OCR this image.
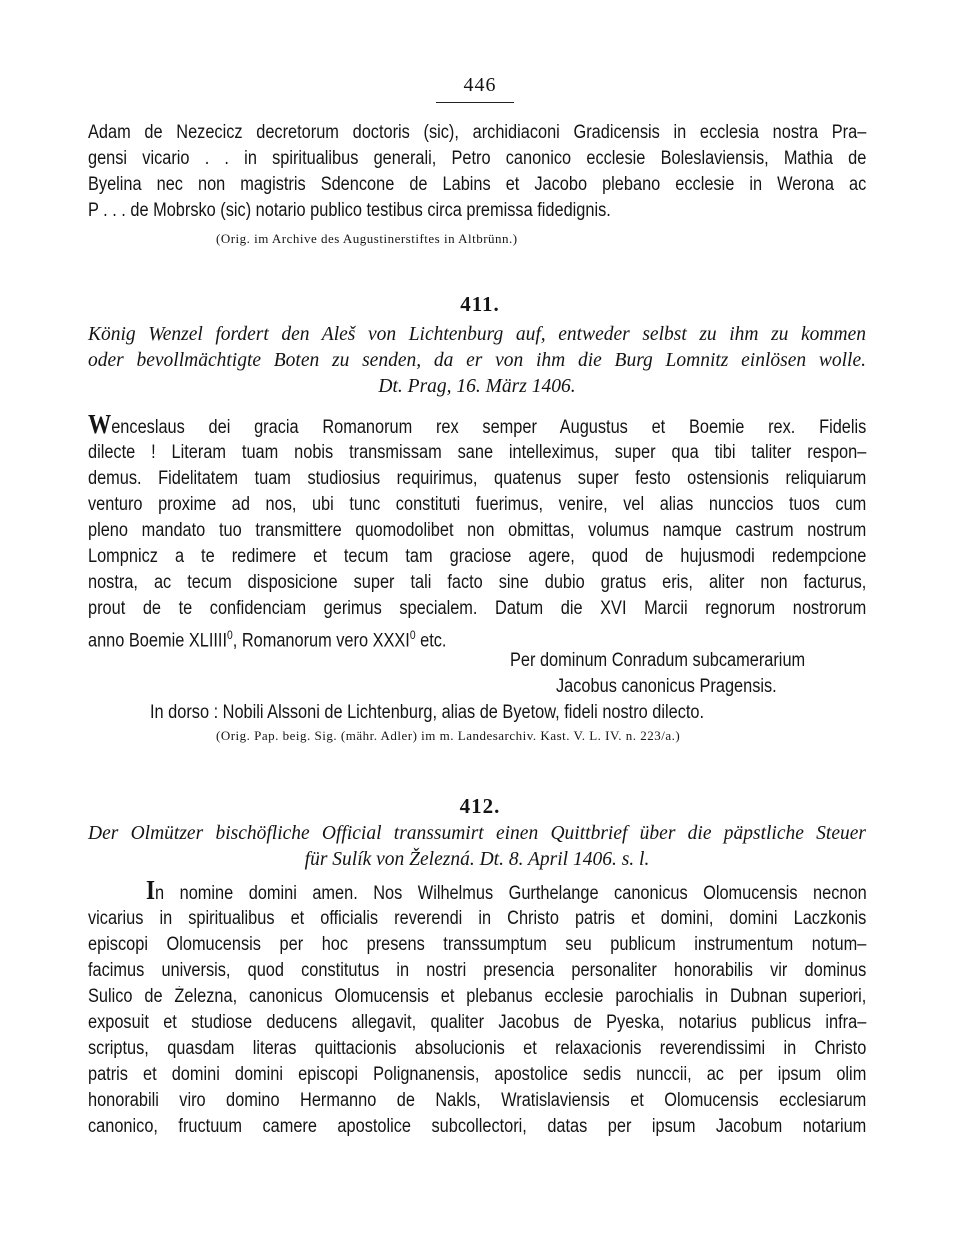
446
Adam de Nezecicz decretorum doctoris (sic), archidiaconi Gradicensis in ecclesia nostra Pra–
gensi vicario . . in spiritualibus generali, Petro canonico ecclesie Boleslaviensis, Mathia de
Byelina nec non magistris Sdencone de Labins et Jacobo plebano ecclesie in Werona ac
P . . . de Mobrsko (sic) notario publico testibus circa premissa fidedignis.
(Orig. im Archive des Augustinerstiftes in Altbrünn.)
411.
König Wenzel fordert den Aleš von Lichtenburg auf, entweder selbst zu ihm zu kommen
oder bevollmächtigte Boten zu senden, da er von ihm die Burg Lomnitz einlösen wolle.
Dt. Prag, 16. März 1406.
Wenceslaus dei gracia Romanorum rex semper Augustus et Boemie rex. Fidelis
dilecte ! Literam tuam nobis transmissam sane intelleximus, super qua tibi taliter respon–
demus. Fidelitatem tuam studiosius requirimus, quatenus super festo ostensionis reliquiarum
venturo proxime ad nos, ubi tunc constituti fuerimus, venire, vel alias nunccios tuos cum
pleno mandato tuo transmittere quomodolibet non obmittas, volumus namque castrum nostrum
Lompnicz a te redimere et tecum tam graciose agere, quod de hujusmodi redempcione
nostra, ac tecum disposicione super tali facto sine dubio gratus eris, aliter non facturus,
prout de te confidenciam gerimus specialem. Datum die XVI Marcii regnorum nostrorum
anno Boemie XLIIII$^0$, Romanorum vero XXXI$^0$ etc.
Per dominum Conradum subcamerarium
Jacobus canonicus Pragensis.
In dorso : Nobili Alssoni de Lichtenburg, alias de Byetow, fideli nostro dilecto.
(Orig. Pap. beig. Sig. (mähr. Adler) im m. Landesarchiv. Kast. V. L. IV. n. 223/a.)
412.
Der Olmützer bischöfliche Official transsumirt einen Quittbrief über die päpstliche Steuer
für Sulík von Železná. Dt. 8. April 1406. s. l.
In nomine domini amen. Nos Wilhelmus Gurthelange canonicus Olomucensis necnon
vicarius in spiritualibus et officialis reverendi in Christo patris et domini, domini Laczkonis
episcopi Olomucensis per hoc presens transsumptum seu publicum instrumentum notum–
facimus universis, quod constitutus in nostri presencia personaliter honorabilis vir dominus
Sulico de Żelezna, canonicus Olomucensis et plebanus ecclesie parochialis in Dubnan superiori,
exposuit et studiose deducens allegavit, qualiter Jacobus de Pyeska, notarius publicus infra–
scriptus, quasdam literas quittacionis absolucionis et relaxacionis reverendissimi in Christo
patris et domini domini episcopi Polignanensis, apostolice sedis nunccii, ac per ipsum olim
honorabili viro domino Hermanno de Nakls, Wratislaviensis et Olomucensis ecclesiarum
canonico, fructuum camere apostolice subcollectori, datas per ipsum Jacobum notarium
